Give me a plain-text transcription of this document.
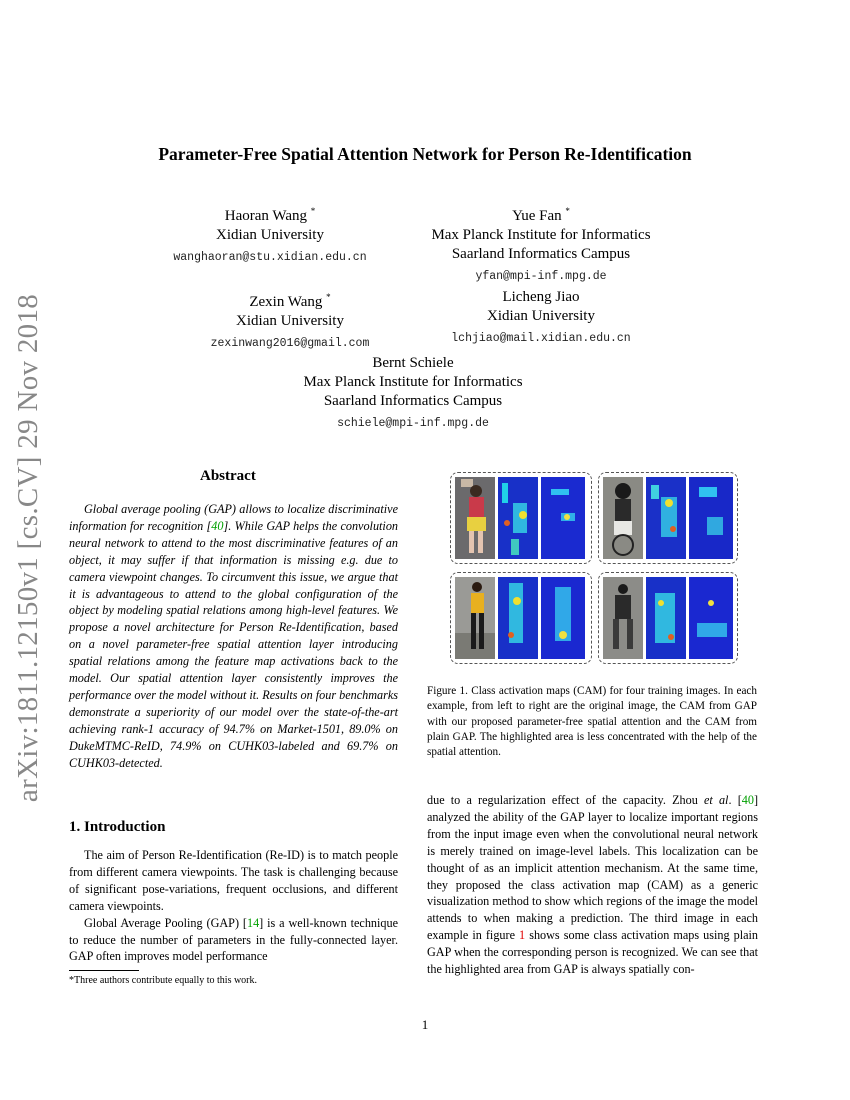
arXiv:1811.12150v1 [cs.CV] 29 Nov 2018
Parameter-Free Spatial Attention Network for Person Re-Identification
Haoran Wang *
Xidian University
wanghaoran@stu.xidian.edu.cn
Yue Fan *
Max Planck Institute for Informatics
Saarland Informatics Campus
yfan@mpi-inf.mpg.de
Zexin Wang *
Xidian University
zexinwang2016@gmail.com
Licheng Jiao
Xidian University
lchjiao@mail.xidian.edu.cn
Bernt Schiele
Max Planck Institute for Informatics
Saarland Informatics Campus
schiele@mpi-inf.mpg.de
Abstract

Global average pooling (GAP) allows to localize discriminative information for recognition [40]. While GAP helps the convolution neural network to attend to the most discriminative features of an object, it may suffer if that information is missing e.g. due to camera viewpoint changes. To circumvent this issue, we argue that it is advantageous to attend to the global configuration of the object by modeling spatial relations among high-level features. We propose a novel architecture for Person Re-Identification, based on a novel parameter-free spatial attention layer introducing spatial relations among the feature map activations back to the model. Our spatial attention layer consistently improves the performance over the model without it. Results on four benchmarks demonstrate a superiority of our model over the state-of-the-art achieving rank-1 accuracy of 94.7% on Market-1501, 89.0% on DukeMTMC-ReID, 74.9% on CUHK03-labeled and 69.7% on CUHK03-detected.

1. Introduction

The aim of Person Re-Identification (Re-ID) is to match people from different camera viewpoints. The task is challenging because of significant pose-variations, frequent occlusions, and different camera viewpoints.

Global Average Pooling (GAP) [14] is a well-known technique to reduce the number of parameters in the fully-connected layer. GAP often improves model performance

*Three authors contribute equally to this work.
Figure 1. Class activation maps (CAM) for four training images. In each example, from left to right are the original image, the CAM from GAP with our proposed parameter-free spatial attention and the CAM from plain GAP. The highlighted area is less concentrated with the help of the spatial attention.

due to a regularization effect of the capacity. Zhou et al. [40] analyzed the ability of the GAP layer to localize important regions from the input image even when the convolutional neural network is merely trained on image-level labels. This localization can be thought of as an implicit attention mechanism. At the same time, they proposed the class activation map (CAM) as a generic visualization method to show which regions of the image the model attends to when making a prediction. The third image in each example in figure 1 shows some class activation maps using plain GAP when the corresponding person is recognized. We can see that the highlighted area from GAP is always spatially con-

1
